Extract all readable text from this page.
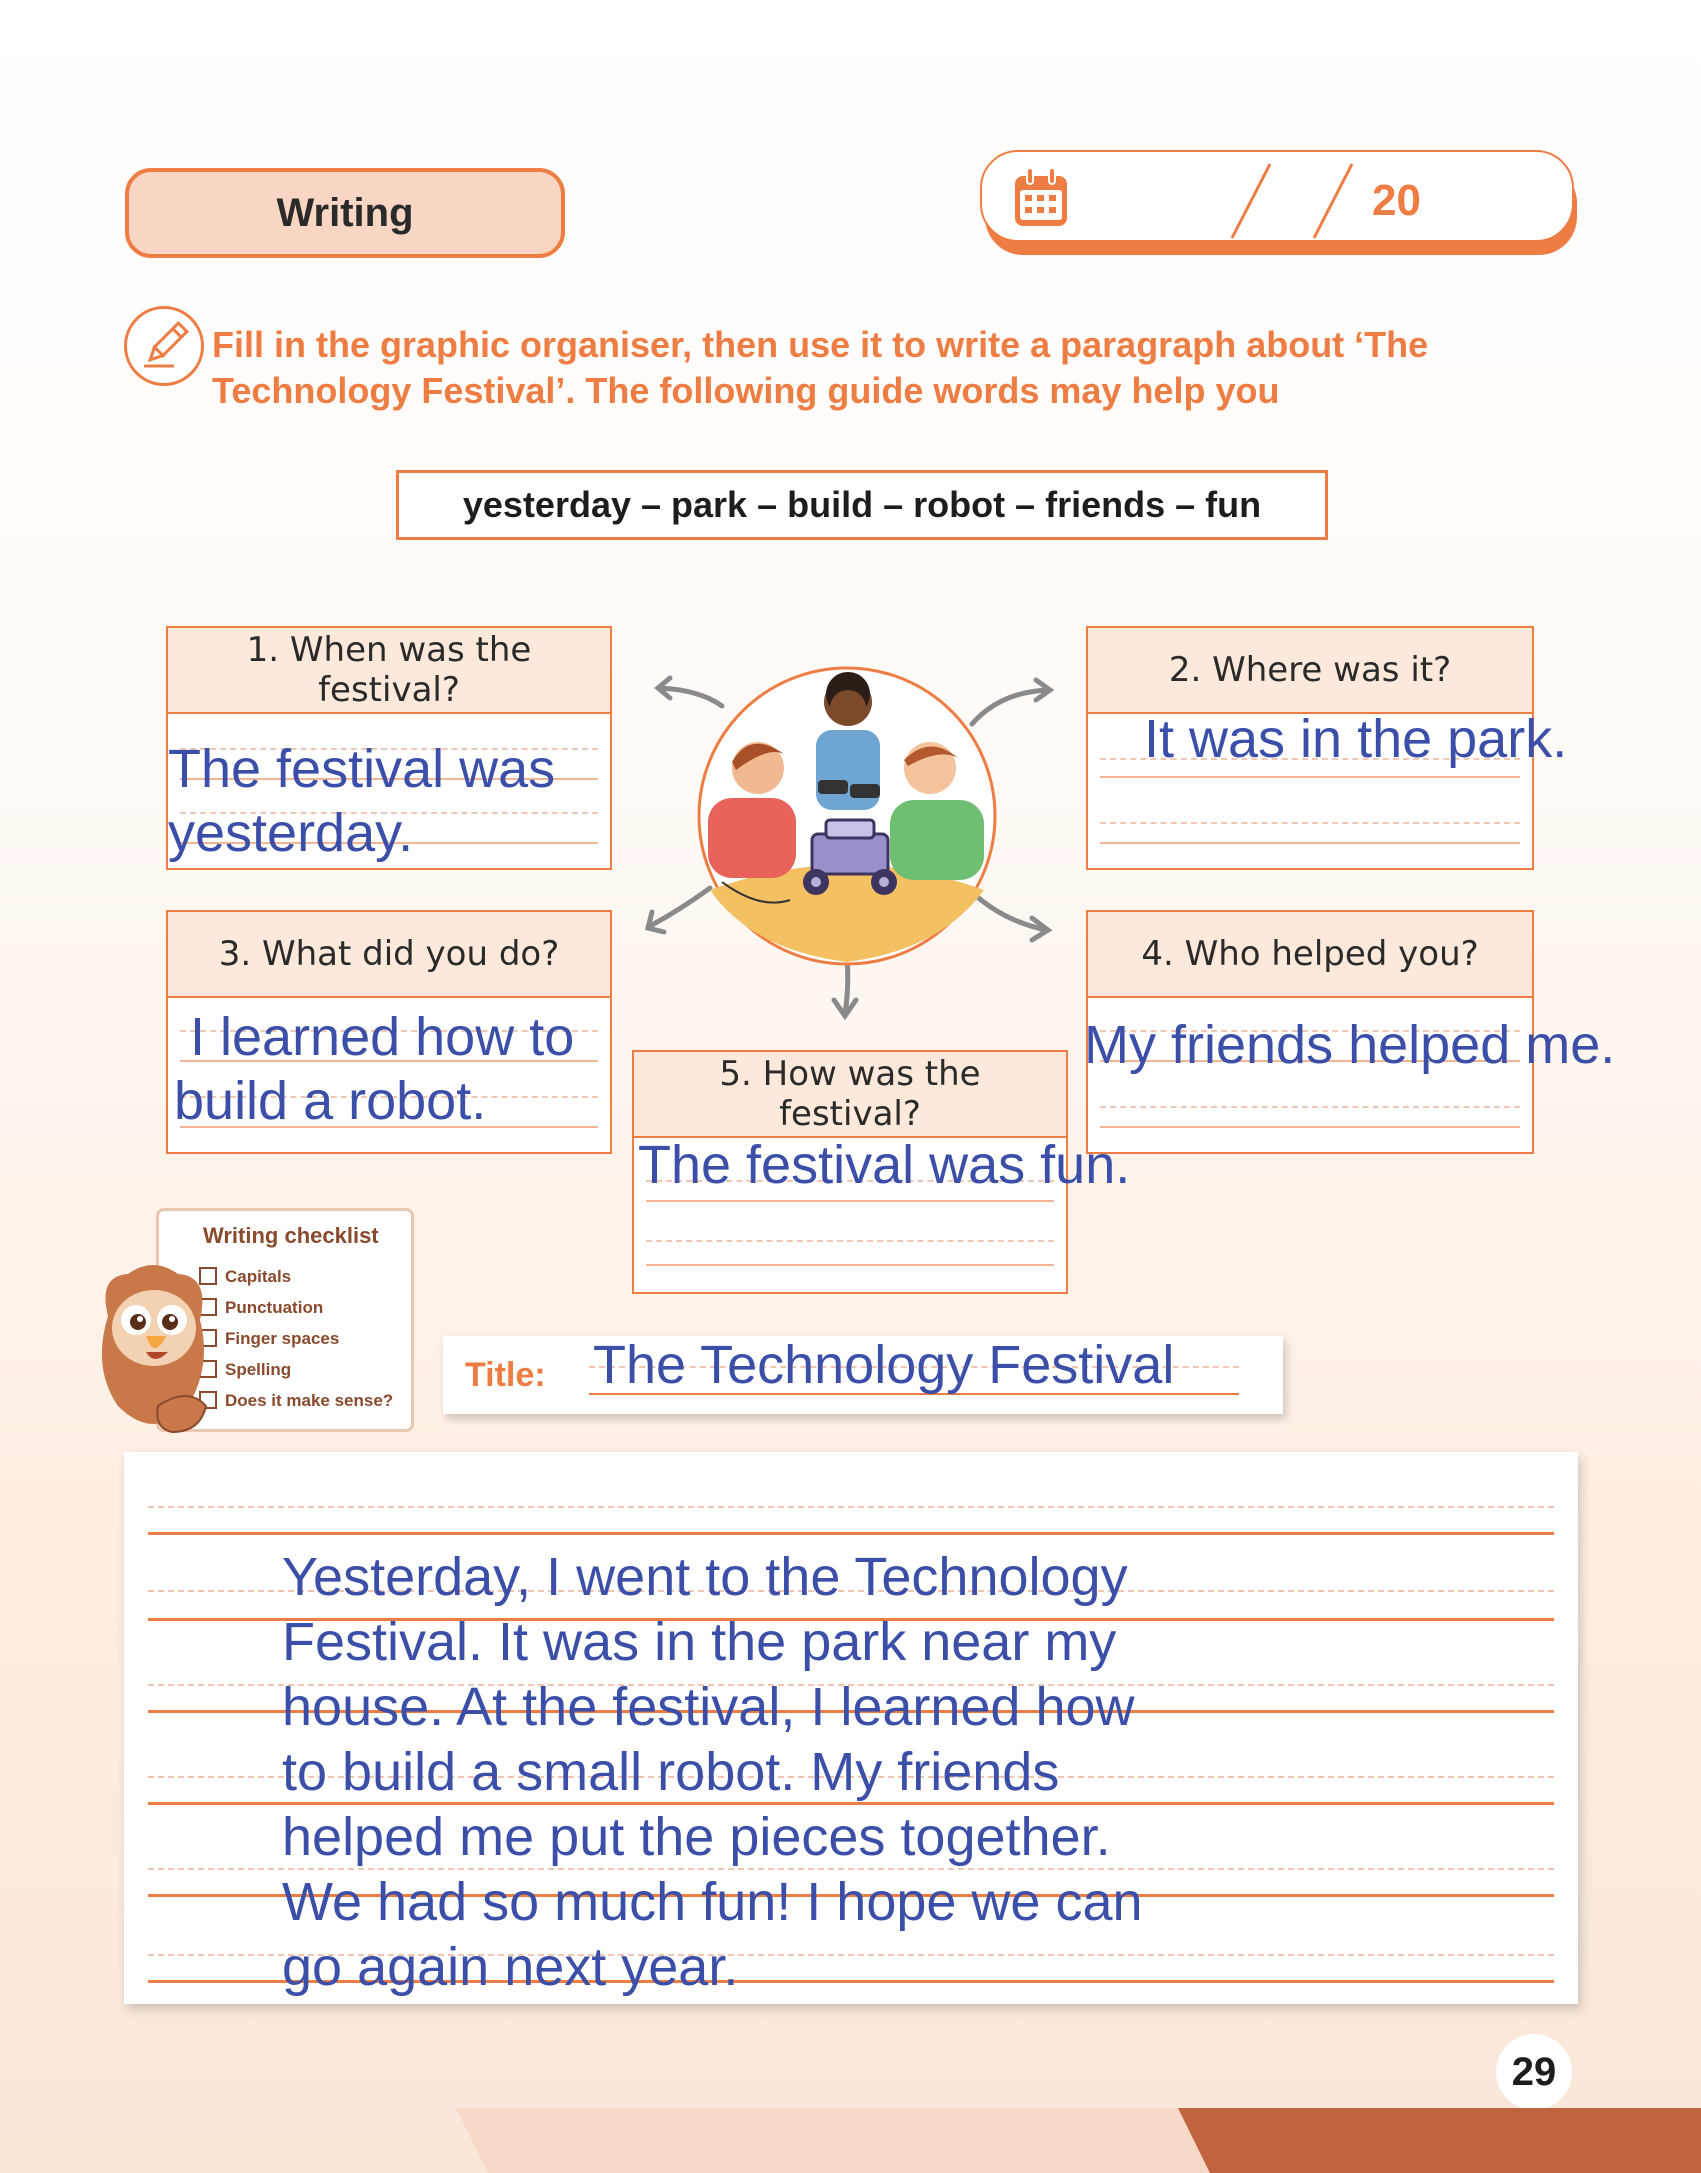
Writing	20
Fill in the graphic organiser, then use it to write a paragraph about ‘The Technology Festival’. The following guide words may help you
yesterday – park – build – robot – friends – fun
1. When was the
festival?
The festival was
yesterday.
2. Where was it?
It was in the park.
3. What did you do?
I learned how to
build a robot.
4. Who helped you?
My friends helped me.
5. How was the
festival?
The festival was fun.
Writing checklist
Capitals
Punctuation
Finger spaces
Spelling
Does it make sense?
Title: The Technology Festival
Yesterday, I went to the Technology
Festival. It was in the park near my
house. At the festival, I learned how
to build a small robot. My friends
helped me put the pieces together.
We had so much fun! I hope we can
go again next year.
29
